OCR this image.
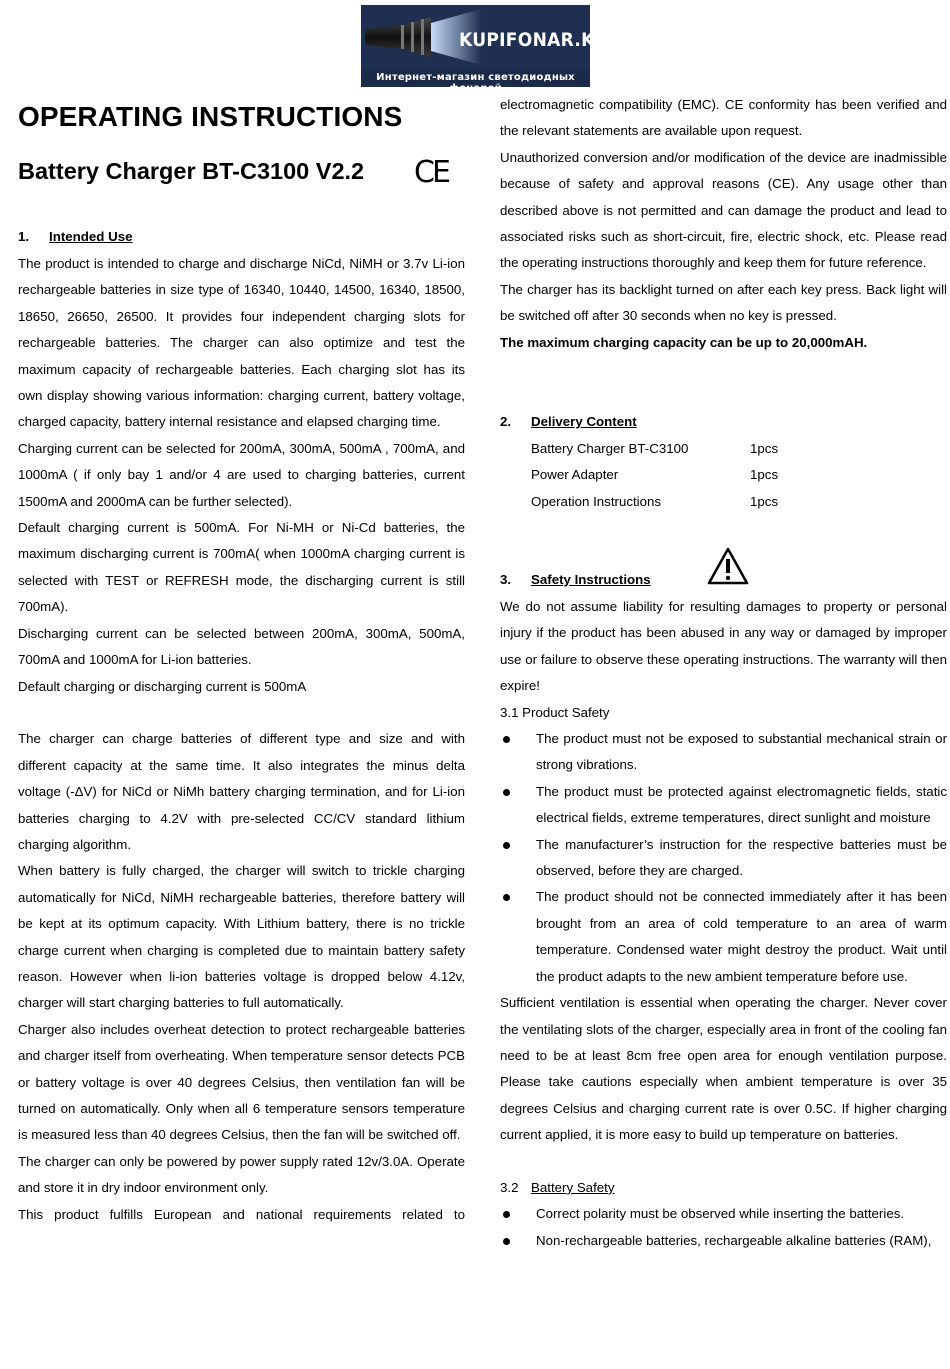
KUPIFONAR.KZ
Интернет-магазин светодиодных фонарей
OPERATING INSTRUCTIONS
Battery Charger BT-C3100 V2.2 CE
1. Intended Use

The product is intended to charge and discharge NiCd, NiMH or 3.7v Li-ion rechargeable batteries in size type of 16340, 10440, 14500, 16340, 18500, 18650, 26650, 26500. It provides four independent charging slots for rechargeable batteries. The charger can also optimize and test the maximum capacity of rechargeable batteries. Each charging slot has its own display showing various information: charging current, battery voltage, charged capacity, battery internal resistance and elapsed charging time.

Charging current can be selected for 200mA, 300mA, 500mA , 700mA, and 1000mA ( if only bay 1 and/or 4 are used to charging batteries, current 1500mA and 2000mA can be further selected).

Default charging current is 500mA. For Ni-MH or Ni-Cd batteries, the maximum discharging current is 700mA( when 1000mA charging current is selected with TEST or REFRESH mode, the discharging current is still 700mA).

Discharging current can be selected between 200mA, 300mA, 500mA, 700mA and 1000mA for Li-ion batteries.

Default charging or discharging current is 500mA

The charger can charge batteries of different type and size and with different capacity at the same time. It also integrates the minus delta voltage (-ΔV) for NiCd or NiMh battery charging termination, and for Li-ion batteries charging to 4.2V with pre-selected CC/CV standard lithium charging algorithm.

When battery is fully charged, the charger will switch to trickle charging automatically for NiCd, NiMH rechargeable batteries, therefore battery will be kept at its optimum capacity. With Lithium battery, there is no trickle charge current when charging is completed due to maintain battery safety reason. However when li-ion batteries voltage is dropped below 4.12v, charger will start charging batteries to full automatically.

Charger also includes overheat detection to protect rechargeable batteries and charger itself from overheating. When temperature sensor detects PCB or battery voltage is over 40 degrees Celsius, then ventilation fan will be turned on automatically. Only when all 6 temperature sensors temperature is measured less than 40 degrees Celsius, then the fan will be switched off.

The charger can only be powered by power supply rated 12v/3.0A. Operate and store it in dry indoor environment only.

This product fulfills European and national requirements related to

electromagnetic compatibility (EMC). CE conformity has been verified and the relevant statements are available upon request.

Unauthorized conversion and/or modification of the device are inadmissible because of safety and approval reasons (CE). Any usage other than described above is not permitted and can damage the product and lead to associated risks such as short-circuit, fire, electric shock, etc. Please read the operating instructions thoroughly and keep them for future reference.

The charger has its backlight turned on after each key press. Back light will be switched off after 30 seconds when no key is pressed.

The maximum charging capacity can be up to 20,000mAH.
2. Delivery Content
Battery Charger BT-C3100	1pcs
Power Adapter	1pcs
Operation Instructions	1pcs
3. Safety Instructions

We do not assume liability for resulting damages to property or personal injury if the product has been abused in any way or damaged by improper use or failure to observe these operating instructions. The warranty will then expire!

3.1 Product Safety
The product must not be exposed to substantial mechanical strain or strong vibrations.
The product must be protected against electromagnetic fields, static electrical fields, extreme temperatures, direct sunlight and moisture
The manufacturer’s instruction for the respective batteries must be observed, before they are charged.
The product should not be connected immediately after it has been brought from an area of cold temperature to an area of warm temperature. Condensed water might destroy the product. Wait until the product adapts to the new ambient temperature before use.

Sufficient ventilation is essential when operating the charger. Never cover the ventilating slots of the charger, especially area in front of the cooling fan need to be at least 8cm free open area for enough ventilation purpose. Please take cautions especially when ambient temperature is over 35 degrees Celsius and charging current rate is over 0.5C. If higher charging current applied, it is more easy to build up temperature on batteries.

3.2 Battery Safety
Correct polarity must be observed while inserting the batteries.
Non-rechargeable batteries, rechargeable alkaline batteries (RAM),
